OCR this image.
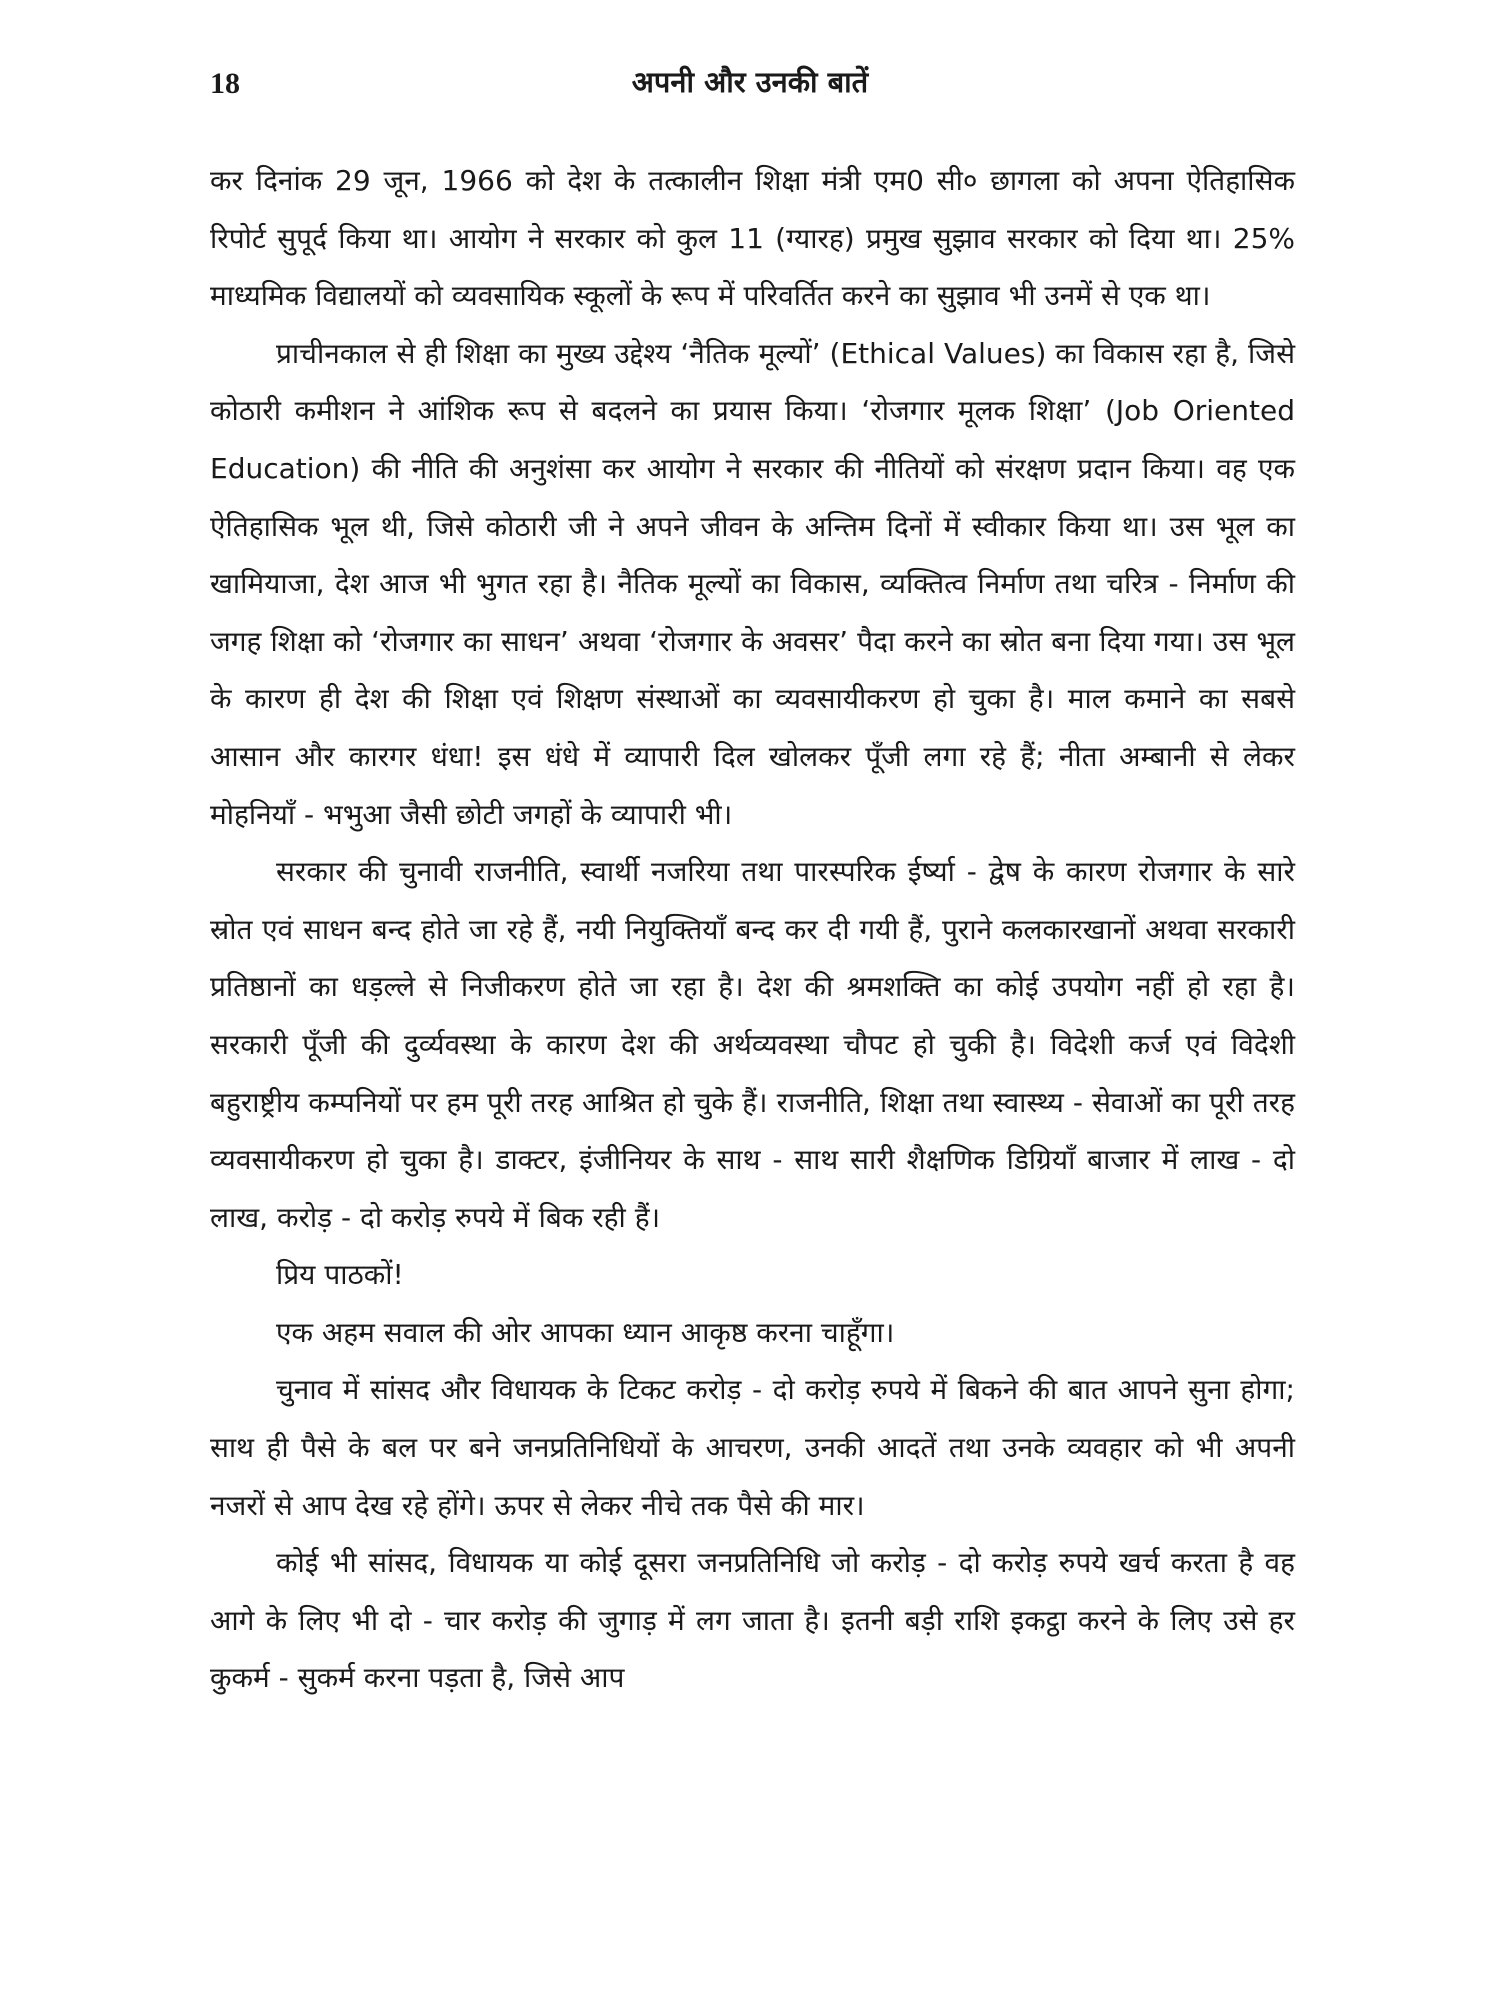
18	अपनी और उनकी बातें

कर दिनांक 29 जून, 1966 को देश के तत्कालीन शिक्षा मंत्री एम0 सी० छागला को अपना ऐतिहासिक रिपोर्ट सुपूर्द किया था। आयोग ने सरकार को कुल 11 (ग्यारह) प्रमुख सुझाव सरकार को दिया था। 25% माध्यमिक विद्यालयों को व्यवसायिक स्कूलों के रूप में परिवर्तित करने का सुझाव भी उनमें से एक था।

प्राचीनकाल से ही शिक्षा का मुख्य उद्देश्य ‘नैतिक मूल्यों’ (Ethical Values) का विकास रहा है, जिसे कोठारी कमीशन ने आंशिक रूप से बदलने का प्रयास किया। ‘रोजगार मूलक शिक्षा’ (Job Oriented Education) की नीति की अनुशंसा कर आयोग ने सरकार की नीतियों को संरक्षण प्रदान किया। वह एक ऐतिहासिक भूल थी, जिसे कोठारी जी ने अपने जीवन के अन्तिम दिनों में स्वीकार किया था। उस भूल का खामियाजा, देश आज भी भुगत रहा है। नैतिक मूल्यों का विकास, व्यक्तित्व निर्माण तथा चरित्र - निर्माण की जगह शिक्षा को ‘रोजगार का साधन’ अथवा ‘रोजगार के अवसर’ पैदा करने का स्रोत बना दिया गया। उस भूल के कारण ही देश की शिक्षा एवं शिक्षण संस्थाओं का व्यवसायीकरण हो चुका है। माल कमाने का सबसे आसान और कारगर धंधा! इस धंधे में व्यापारी दिल खोलकर पूँजी लगा रहे हैं; नीता अम्बानी से लेकर मोहनियाँ - भभुआ जैसी छोटी जगहों के व्यापारी भी।

सरकार की चुनावी राजनीति, स्वार्थी नजरिया तथा पारस्परिक ईर्ष्या - द्वेष के कारण रोजगार के सारे स्रोत एवं साधन बन्द होते जा रहे हैं, नयी नियुक्तियाँ बन्द कर दी गयी हैं, पुराने कलकारखानों अथवा सरकारी प्रतिष्ठानों का धड़ल्ले से निजीकरण होते जा रहा है। देश की श्रमशक्ति का कोई उपयोग नहीं हो रहा है। सरकारी पूँजी की दुर्व्यवस्था के कारण देश की अर्थव्यवस्था चौपट हो चुकी है। विदेशी कर्ज एवं विदेशी बहुराष्ट्रीय कम्पनियों पर हम पूरी तरह आश्रित हो चुके हैं। राजनीति, शिक्षा तथा स्वास्थ्य - सेवाओं का पूरी तरह व्यवसायीकरण हो चुका है। डाक्टर, इंजीनियर के साथ - साथ सारी शैक्षणिक डिग्रियाँ बाजार में लाख - दो लाख, करोड़ - दो करोड़ रुपये में बिक रही हैं।

प्रिय पाठकों!

एक अहम सवाल की ओर आपका ध्यान आकृष्ठ करना चाहूँगा।

चुनाव में सांसद और विधायक के टिकट करोड़ - दो करोड़ रुपये में बिकने की बात आपने सुना होगा; साथ ही पैसे के बल पर बने जनप्रतिनिधियों के आचरण, उनकी आदतें तथा उनके व्यवहार को भी अपनी नजरों से आप देख रहे होंगे। ऊपर से लेकर नीचे तक पैसे की मार।

कोई भी सांसद, विधायक या कोई दूसरा जनप्रतिनिधि जो करोड़ - दो करोड़ रुपये खर्च करता है वह आगे के लिए भी दो - चार करोड़ की जुगाड़ में लग जाता है। इतनी बड़ी राशि इकट्ठा करने के लिए उसे हर कुकर्म - सुकर्म करना पड़ता है, जिसे आप
